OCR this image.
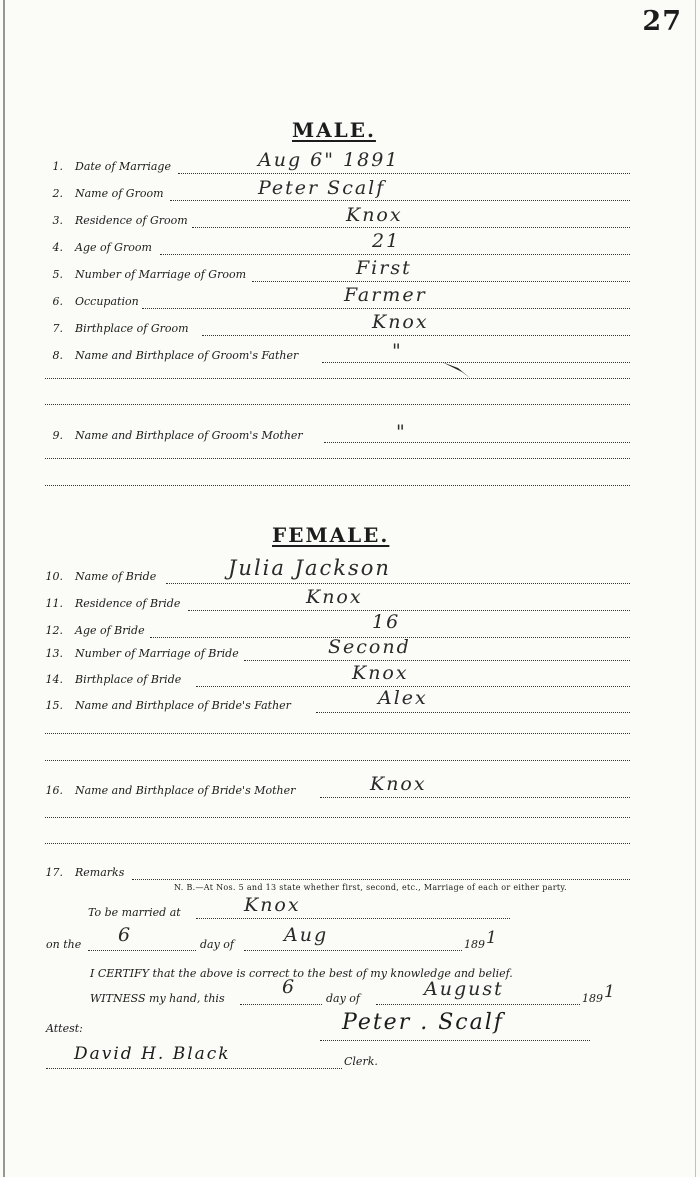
27
MALE.
1. Date of Marriage	Aug 6" 1891
2. Name of Groom	Peter Scalf
3. Residence of Groom	Knox
4. Age of Groom	21
5. Number of Marriage of Groom	First
6. Occupation	Farmer
7. Birthplace of Groom	Knox
8. Name and Birthplace of Groom's Father	"
9. Name and Birthplace of Groom's Mother	"
FEMALE.
10. Name of Bride	Julia Jackson
11. Residence of Bride	Knox
12. Age of Bride	16
13. Number of Marriage of Bride	Second
14. Birthplace of Bride	Knox
15. Name and Birthplace of Bride's Father	Alex
16. Name and Birthplace of Bride's Mother	Knox
17. Remarks
N. B.—At Nos. 5 and 13 state whether first, second, etc., Marriage of each or either party.
To be married at	Knox
on the 6	day of	Aug	189 1
I CERTIFY that the above is correct to the best of my knowledge and belief.
WITNESS my hand, this
6
day of	August	189 1
Peter . Scalf
Attest:
David H. Black	Clerk.
